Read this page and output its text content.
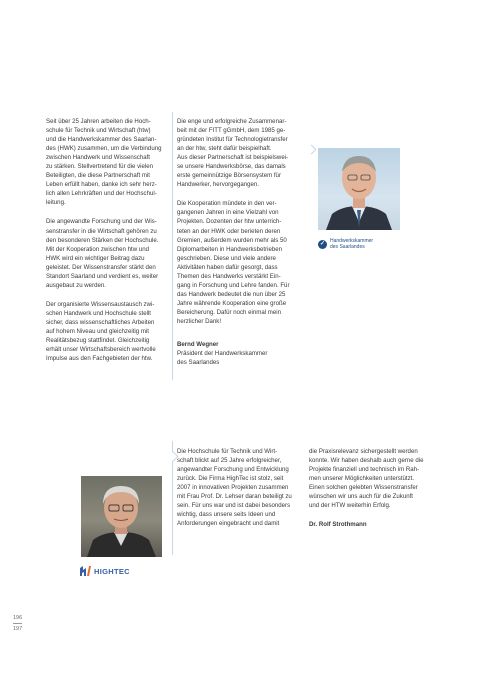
Seit über 25 Jahren arbeiten die Hoch-
schule für Technik und Wirtschaft (htw)
und die Handwerkskammer des Saarlan-
des (HWK) zusammen, um die Verbindung
zwischen Handwerk und Wissenschaft
zu stärken. Stellvertretend für die vielen
Beteiligten, die diese Partnerschaft mit
Leben erfüllt haben, danke ich sehr herz-
lich allen Lehrkräften und der Hochschul-
leitung.

Die angewandte Forschung und der Wis-
senstransfer in die Wirtschaft gehören zu
den besonderen Stärken der Hochschule.
Mit der Kooperation zwischen htw und
HWK wird ein wichtiger Beitrag dazu
geleistet. Der Wissenstransfer stärkt den
Standort Saarland und verdient es, weiter
ausgebaut zu werden.

Der organisierte Wissensaustausch zwi-
schen Handwerk und Hochschule stellt
sicher, dass wissenschaftliches Arbeiten
auf hohem Niveau und gleichzeitig mit
Realitätsbezug stattfindet. Gleichzeitig
erhält unser Wirtschaftsbereich wertvolle
Impulse aus den Fachgebieten der htw.

Die enge und erfolgreiche Zusammenar-
beit mit der FITT gGmbH, dem 1985 ge-
gründeten Institut für Technologietransfer
an der htw, steht dafür beispielhaft.
Aus dieser Partnerschaft ist beispielswei-
se unsere Handwerksbörse, das damals
erste gemeinnützige Börsensystem für
Handwerker, hervorgegangen.

Die Kooperation mündete in den ver-
gangenen Jahren in eine Vielzahl von
Projekten. Dozenten der htw unterrich-
teten an der HWK oder berieten deren
Gremien, außerdem wurden mehr als 50
Diplomarbeiten in Handwerksbetrieben
geschrieben. Diese und viele andere
Aktivitäten haben dafür gesorgt, dass
Themen des Handwerks verstärkt Ein-
gang in Forschung und Lehre fanden. Für
das Handwerk bedeutet die nun über 25
Jahre währende Kooperation eine große
Bereicherung. Dafür noch einmal mein
herzlicher Dank!

Bernd Wegner
Präsident der Handwerkskammer
des Saarlandes
✓
Handwerkskammer
des Saarlandes

Die Hochschule für Technik und Wirt-
schaft blickt auf 25 Jahre erfolgreicher,
angewandter Forschung und Entwicklung
zurück. Die Firma HighTec ist stolz, seit
2007 in innovativen Projekten zusammen
mit Frau Prof. Dr. Lehser daran beteiligt zu
sein. Für uns war und ist dabei besonders
wichtig, dass unsere seits Ideen und
Anforderungen eingebracht und damit

die Praxisrelevanz sichergestellt werden
konnte. Wir haben deshalb auch gerne die
Projekte finanziell und technisch im Rah-
men unserer Möglichkeiten unterstützt.
Einen solchen gelebten Wissenstransfer
wünschen wir uns auch für die Zukunft
und der HTW weiterhin Erfolg.

Dr. Rolf Strothmann
HIGHTEC
196
197
